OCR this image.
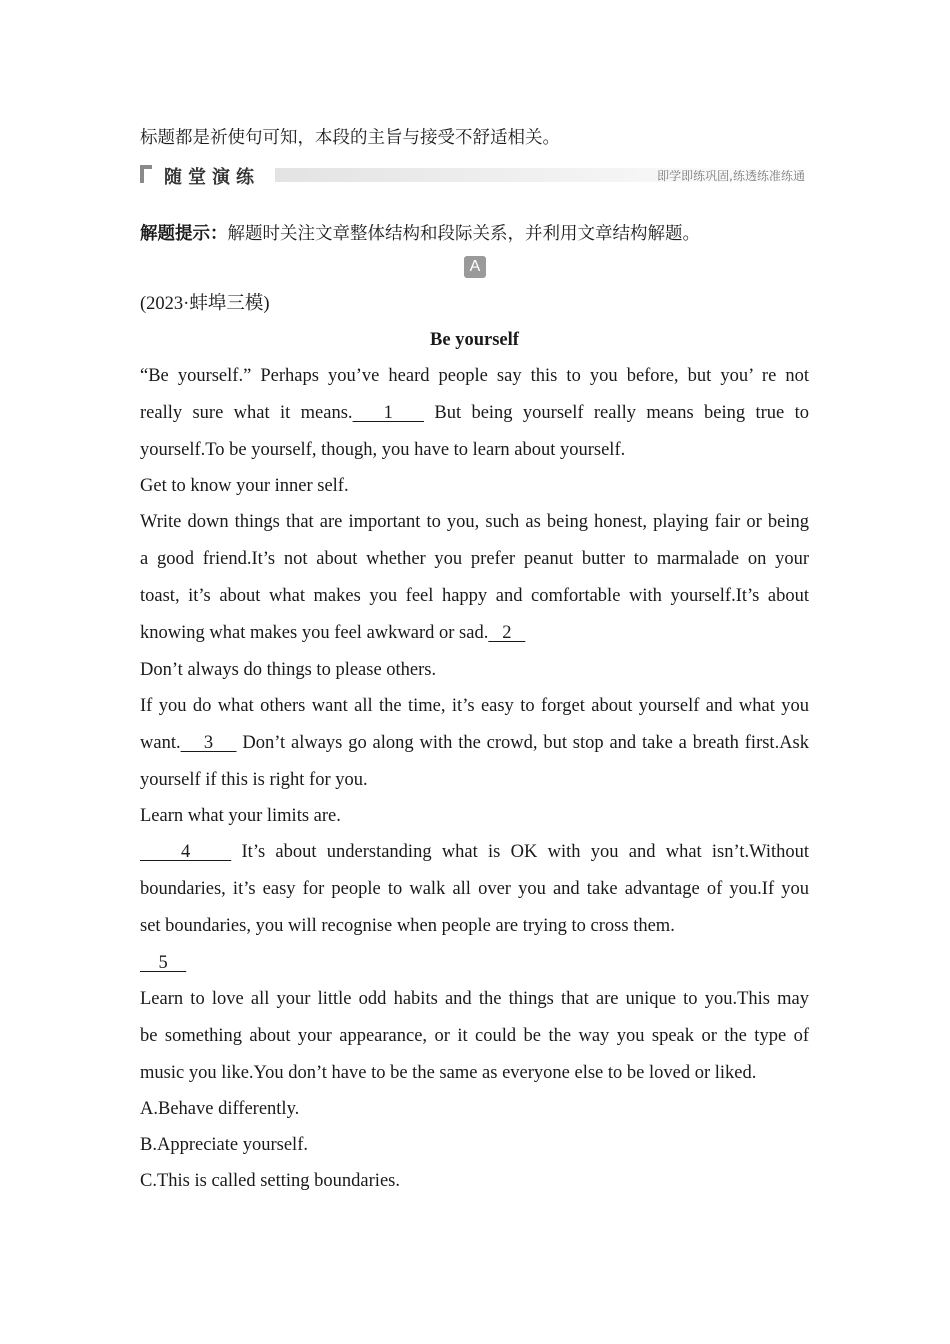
标题都是祈使句可知，本段的主旨与接受不舒适相关。
随堂演练	即学即练巩固,练透练准练通
解题提示：解题时关注文章整体结构和段际关系，并利用文章结构解题。
A
(2023·蚌埠三模)
Be yourself
“Be yourself.” Perhaps you’ve heard people say this to you before, but you’ re not
really sure what it means.   1    But being yourself really means being true to
yourself.To be yourself, though, you have to learn about yourself.
Get to know your inner self.
Write down things that are important to you, such as being honest, playing fair or being
a good friend.It’s not about whether you prefer peanut butter to marmalade on your
toast, it’s about what makes you feel happy and comfortable with yourself.It’s about
knowing what makes you feel awkward or sad.   2
Don’t always do things to please others.
If you do what others want all the time, it’s easy to forget about yourself and what you
want.    3     Don’t always go along with the crowd, but stop and take a breath first.Ask
yourself if this is right for you.
Learn what your limits are.
4     It’s about understanding what is OK with you and what isn’t.Without
boundaries, it’s easy for people to walk all over you and take advantage of you.If you
set boundaries, you will recognise when people are trying to cross them.
5
Learn to love all your little odd habits and the things that are unique to you.This may
be something about your appearance, or it could be the way you speak or the type of
music you like.You don’t have to be the same as everyone else to be loved or liked.
A.Behave differently.
B.Appreciate yourself.
C.This is called setting boundaries.
